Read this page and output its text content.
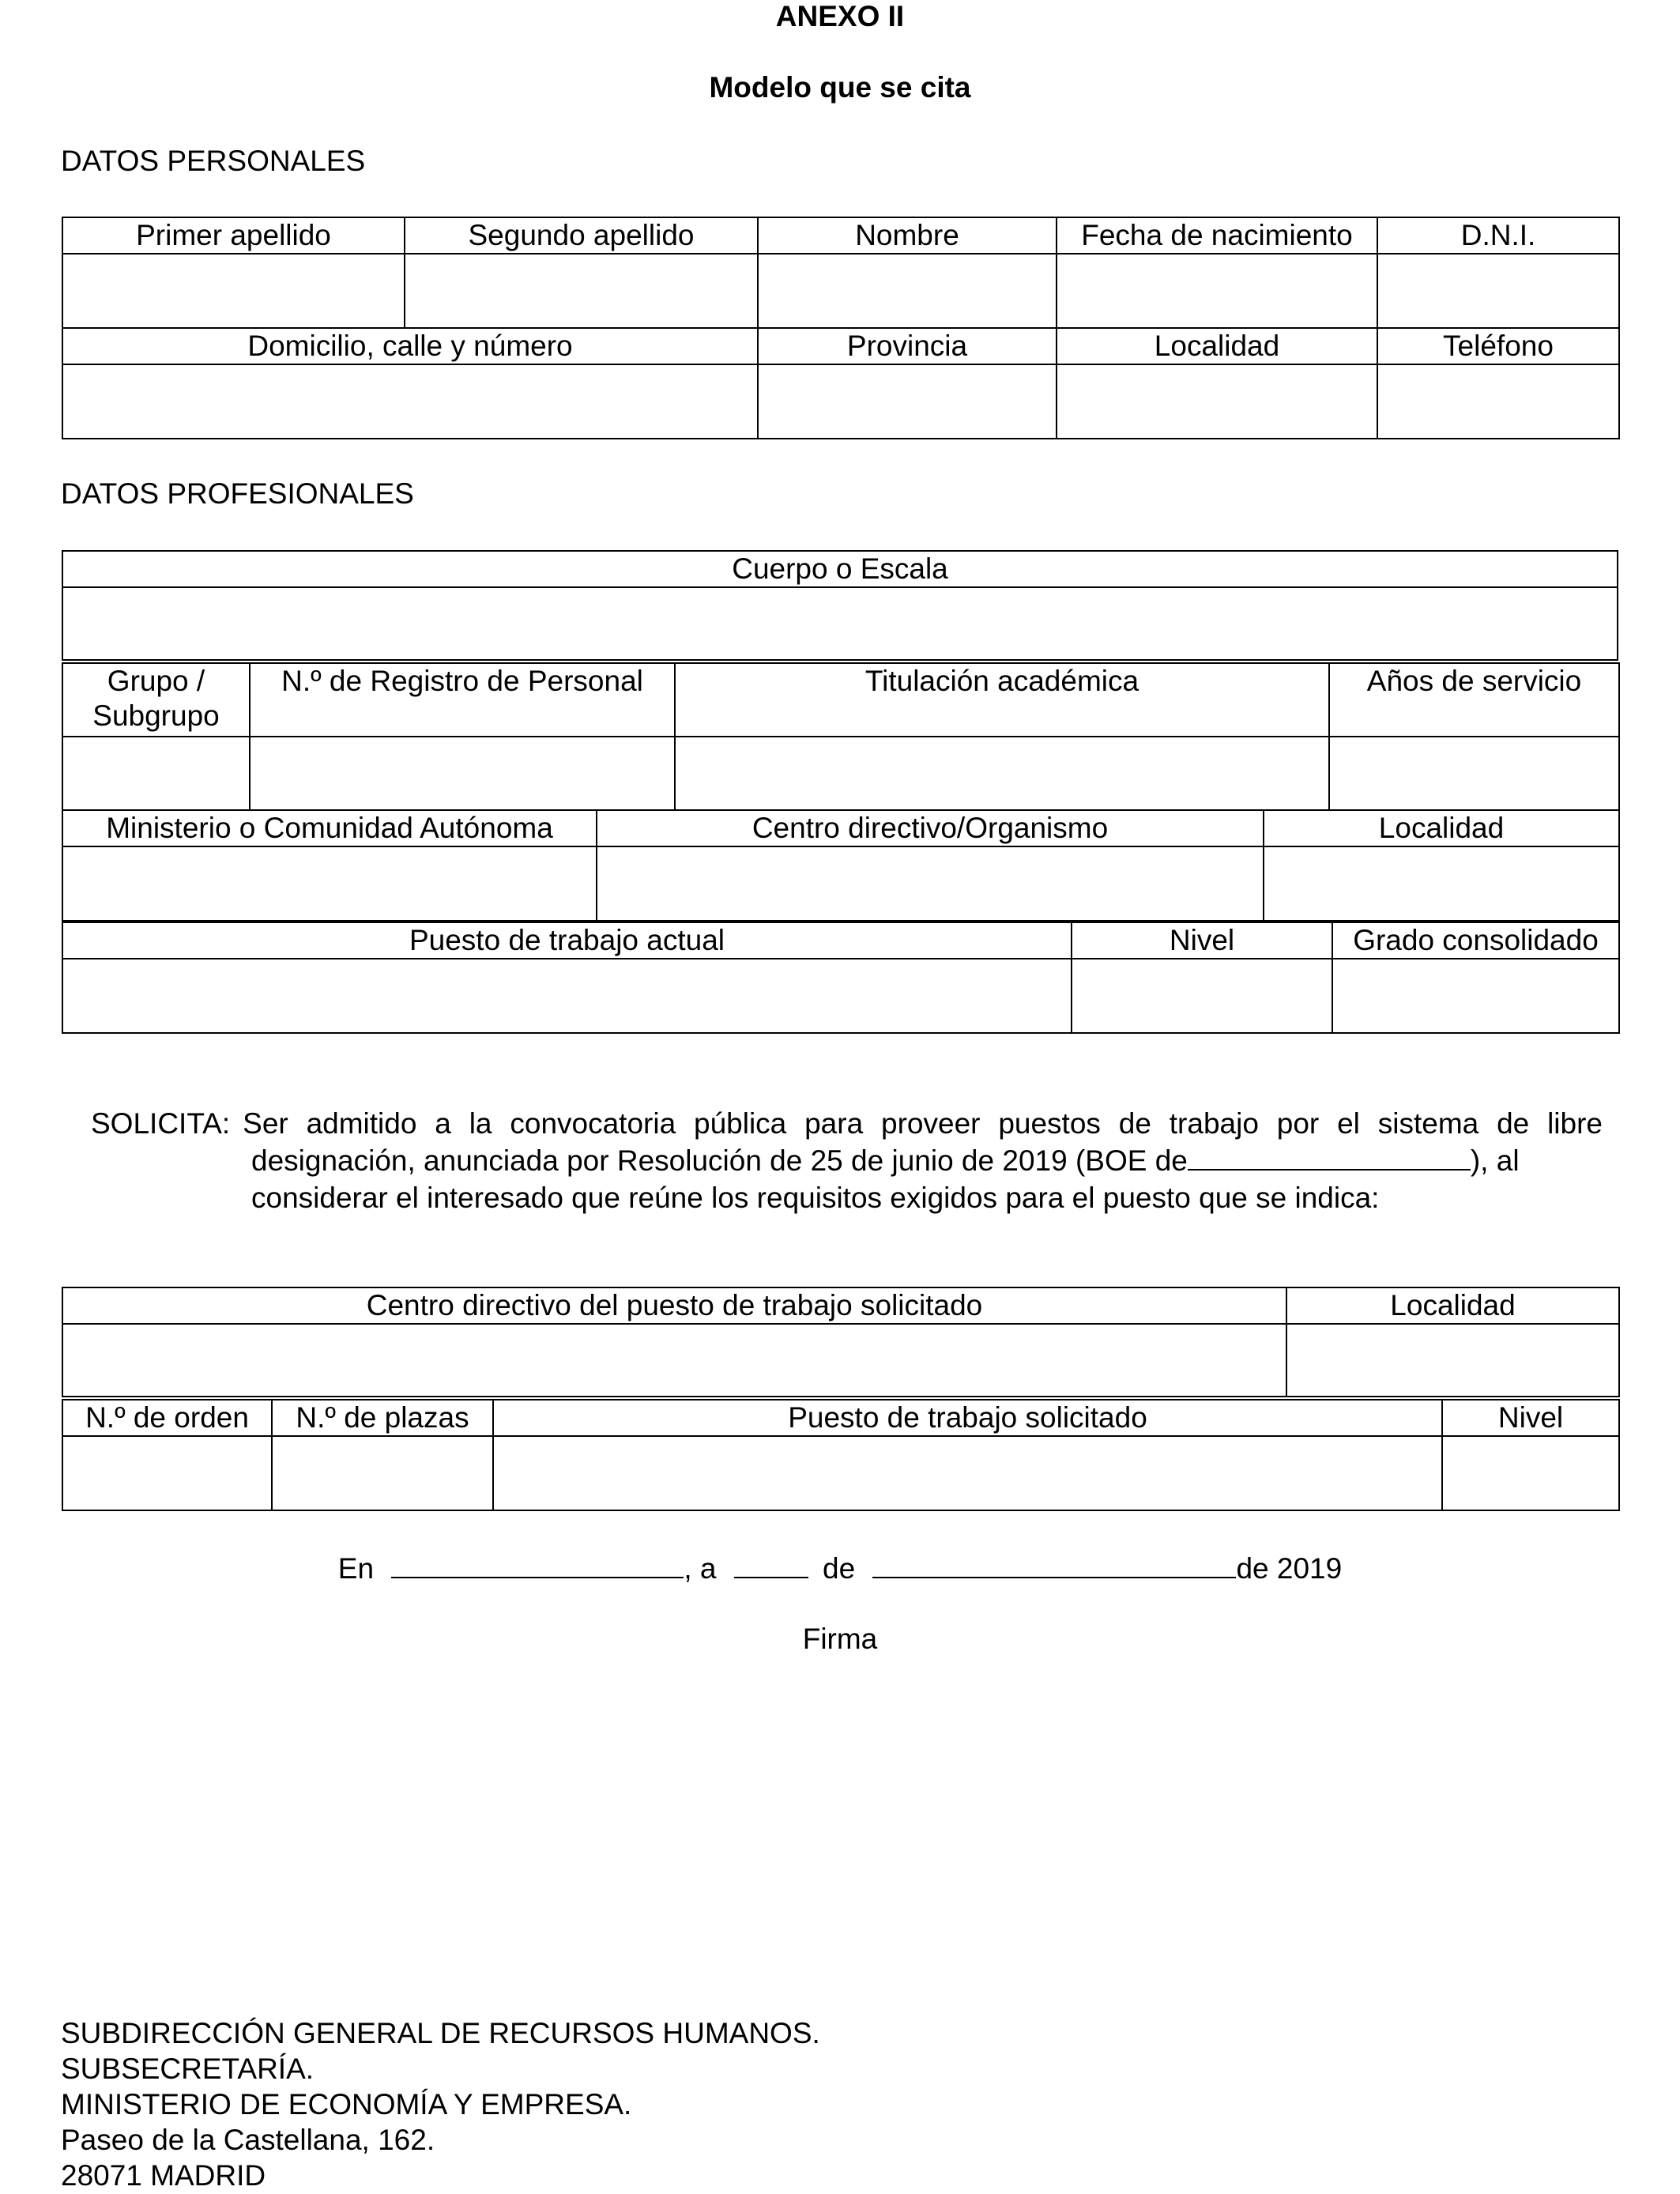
ANEXO II
Modelo que se cita
DATOS PERSONALES
Primer apellido	Segundo apellido	Nombre	Fecha de nacimiento	D.N.I.

Domicilio, calle y número		Provincia	Localidad	Teléfono

DATOS PROFESIONALES
Cuerpo o Escala

Grupo / Subgrupo	N.º de Registro de Personal	Titulación académica	Años de servicio

Ministerio o Comunidad Autónoma	Centro directivo/Organismo	Localidad

Puesto de trabajo actual	Nivel	Grado consolidado

SOLICITA: Ser admitido a la convocatoria pública para proveer puestos de trabajo por el sistema de libre
designación, anunciada por Resolución de 25 de junio de 2019 (BOE de	), al
considerar el interesado que reúne los requisitos exigidos para el puesto que se indica:
Centro directivo del puesto de trabajo solicitado	Localidad

N.º de orden	N.º de plazas	Puesto de trabajo solicitado	Nivel

En	, a	de	de 2019
Firma
SUBDIRECCIÓN GENERAL DE RECURSOS HUMANOS.
SUBSECRETARÍA.
MINISTERIO DE ECONOMÍA Y EMPRESA.
Paseo de la Castellana, 162.
28071 MADRID
